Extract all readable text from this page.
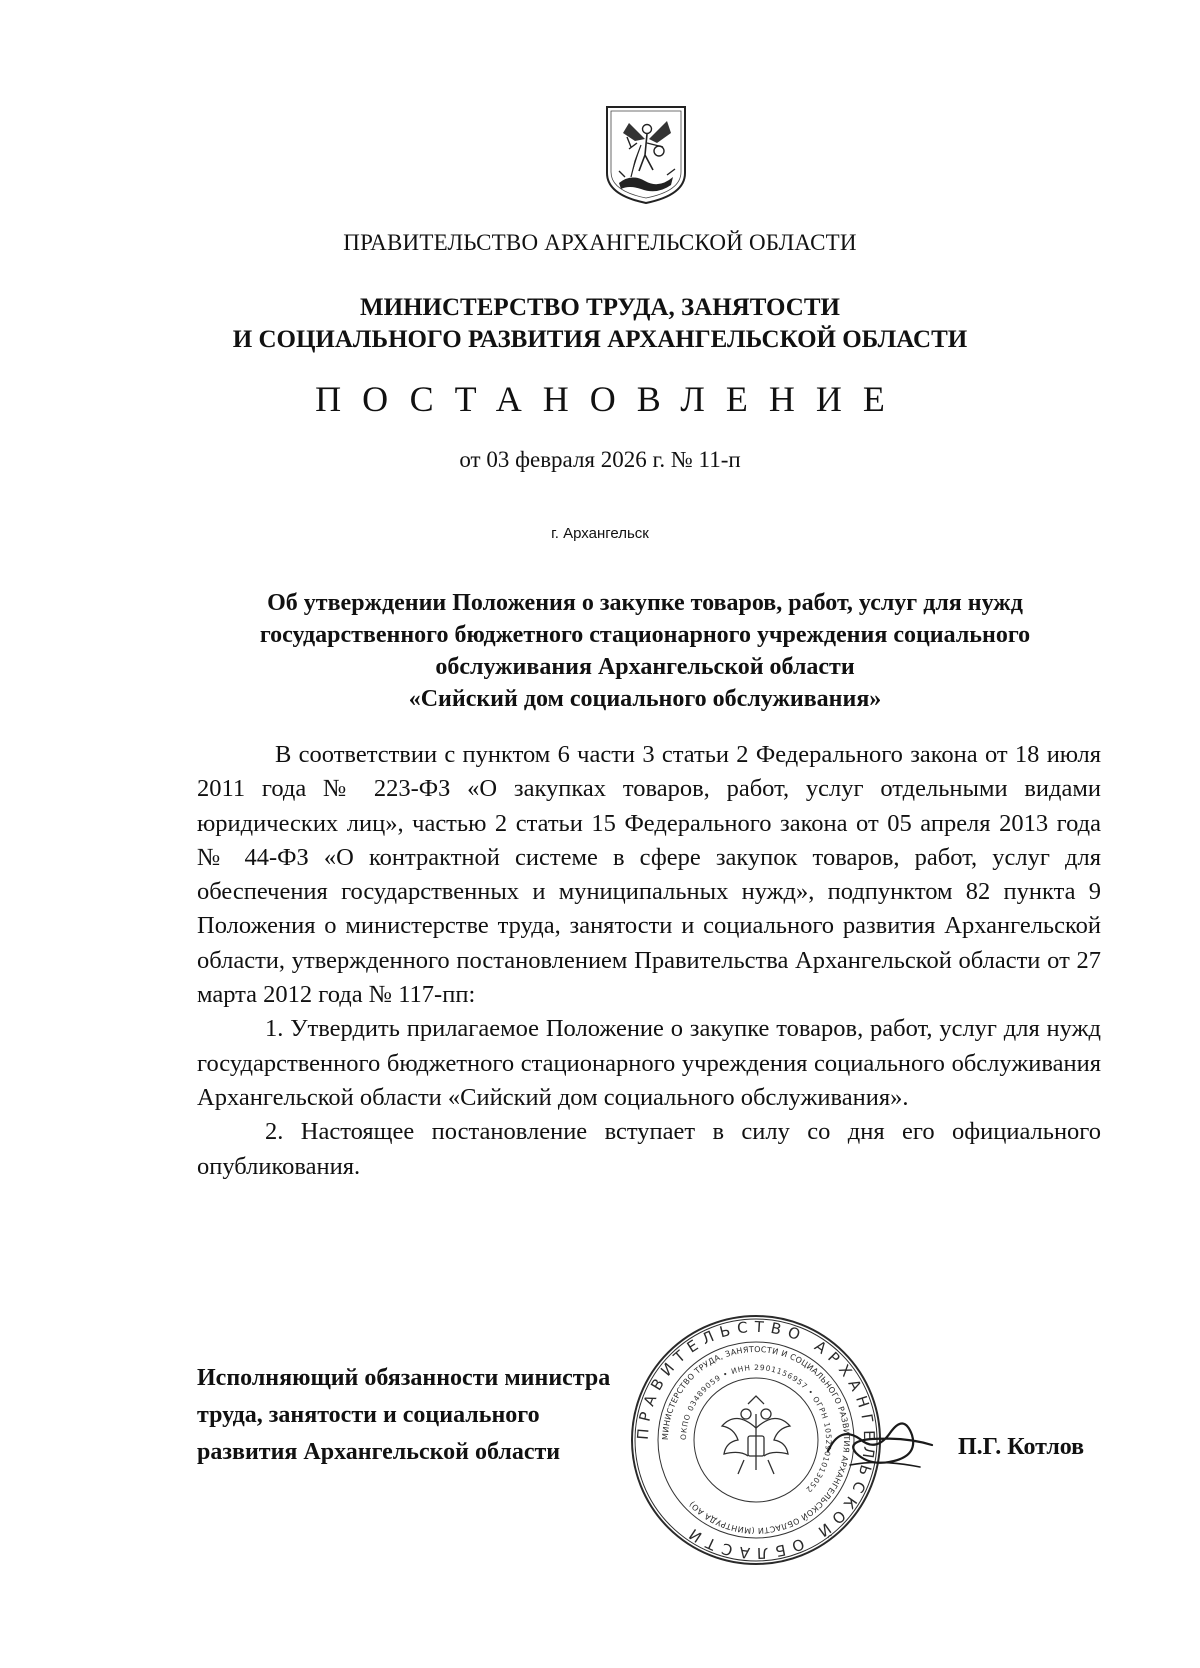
ПРАВИТЕЛЬСТВО АРХАНГЕЛЬСКОЙ ОБЛАСТИ
МИНИСТЕРСТВО ТРУДА, ЗАНЯТОСТИ
И СОЦИАЛЬНОГО РАЗВИТИЯ АРХАНГЕЛЬСКОЙ ОБЛАСТИ
ПОСТАНОВЛЕНИЕ
от 03 февраля 2026 г. № 11-п
г. Архангельск
Об утверждении Положения о закупке товаров, работ, услуг для нужд
государственного бюджетного стационарного учреждения социального
обслуживания Архангельской области
«Сийский дом социального обслуживания»

В соответствии с пунктом 6 части 3 статьи 2 Федерального закона от 18 июля 2011 года № 223-ФЗ «О закупках товаров, работ, услуг отдельными видами юридических лиц», частью 2 статьи 15 Федерального закона от 05 апреля 2013 года № 44-ФЗ «О контрактной системе в сфере закупок товаров, работ, услуг для обеспечения государственных и муниципальных нужд», подпунктом 82 пункта 9 Положения о министерстве труда, занятости и социального развития Архангельской области, утвержденного постановлением Правительства Архангельской области от 27 марта 2012 года № 117-пп:

1. Утвердить прилагаемое Положение о закупке товаров, работ, услуг для нужд государственного бюджетного стационарного учреждения социального обслуживания Архангельской области «Сийский дом социального обслуживания».

2. Настоящее постановление вступает в силу со дня его официального опубликования.

Исполняющий обязанности министра
труда, занятости и социального
развития Архангельской области
ПРАВИТЕЛЬСТВО АРХАНГЕЛЬСКОЙ ОБЛАСТИ
МИНИСТЕРСТВО ТРУДА, ЗАНЯТОСТИ И СОЦИАЛЬНОГО РАЗВИТИЯ АРХАНГЕЛЬСКОЙ ОБЛАСТИ (МИНТРУДА АО)
ОКПО 03489059 • ИНН 2901156957 • ОГРН 1052901013052
П.Г. Котлов
